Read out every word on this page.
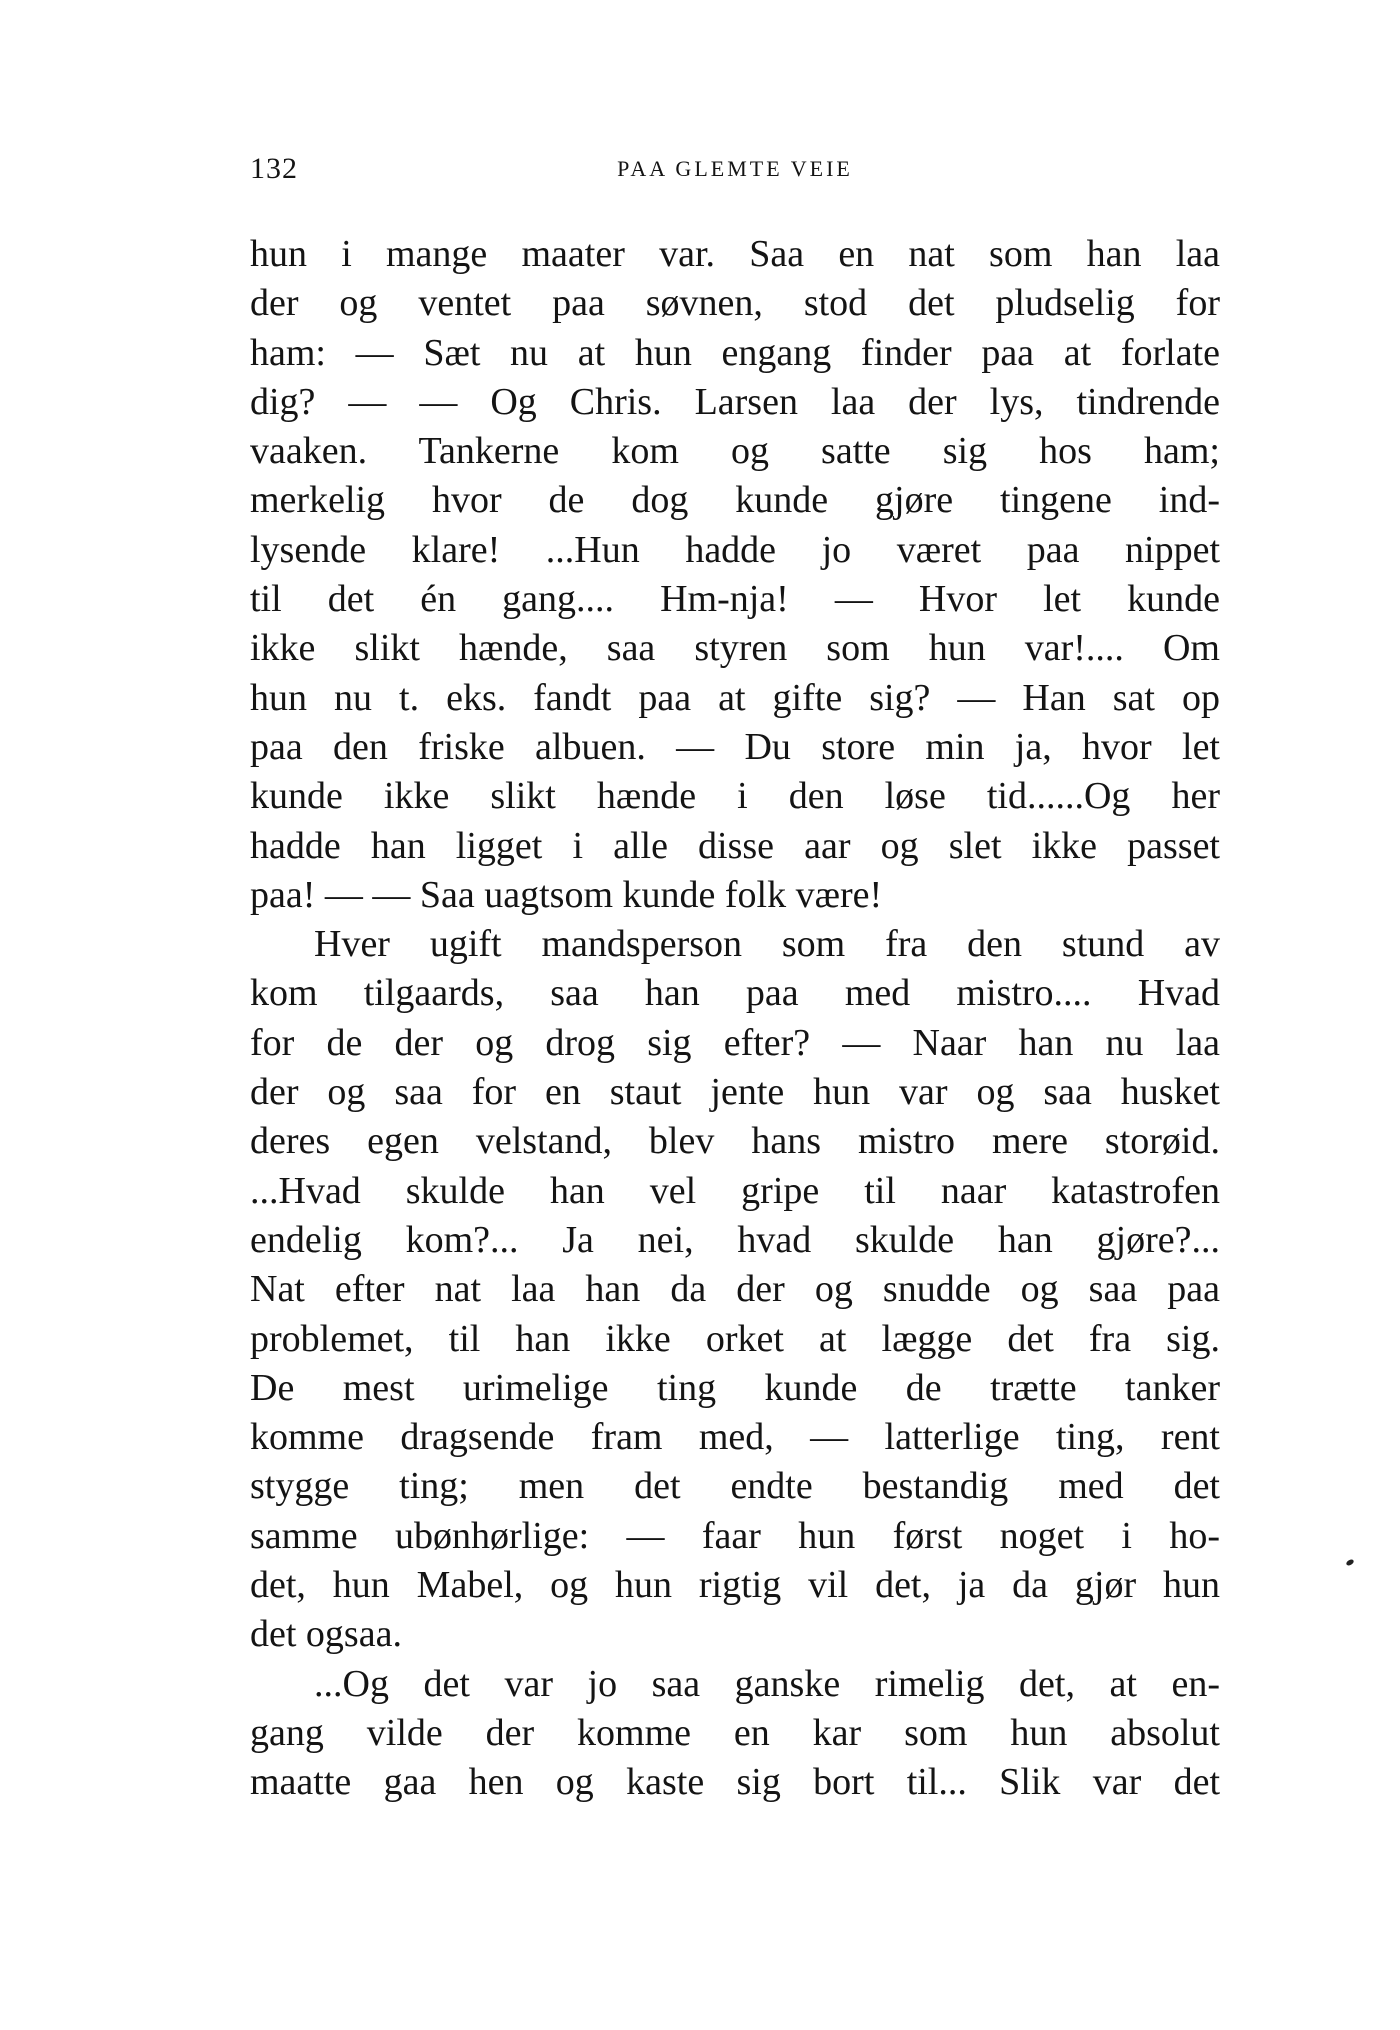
132	PAA GLEMTE VEIE
hun i mange maater var. Saa en nat som han laa
der og ventet paa søvnen, stod det pludselig for
ham: — Sæt nu at hun engang finder paa at forlate
dig? — — Og Chris. Larsen laa der lys, tindrende
vaaken. Tankerne kom og satte sig hos ham;
merkelig hvor de dog kunde gjøre tingene ind-
lysende klare! ...Hun hadde jo været paa nippet
til det én gang.... Hm-nja! — Hvor let kunde
ikke slikt hænde, saa styren som hun var!.... Om
hun nu t. eks. fandt paa at gifte sig? — Han sat op
paa den friske albuen. — Du store min ja, hvor let
kunde ikke slikt hænde i den løse tid......Og her
hadde han ligget i alle disse aar og slet ikke passet
paa! — — Saa uagtsom kunde folk være!
Hver ugift mandsperson som fra den stund av
kom tilgaards, saa han paa med mistro.... Hvad
for de der og drog sig efter? — Naar han nu laa
der og saa for en staut jente hun var og saa husket
deres egen velstand, blev hans mistro mere storøid.
...Hvad skulde han vel gripe til naar katastrofen
endelig kom?... Ja nei, hvad skulde han gjøre?...
Nat efter nat laa han da der og snudde og saa paa
problemet, til han ikke orket at lægge det fra sig.
De mest urimelige ting kunde de trætte tanker
komme dragsende fram med, — latterlige ting, rent
stygge ting; men det endte bestandig med det
samme ubønhørlige: — faar hun først noget i ho-
det, hun Mabel, og hun rigtig vil det, ja da gjør hun
det ogsaa.
...Og det var jo saa ganske rimelig det, at en-
gang vilde der komme en kar som hun absolut
maatte gaa hen og kaste sig bort til... Slik var det
